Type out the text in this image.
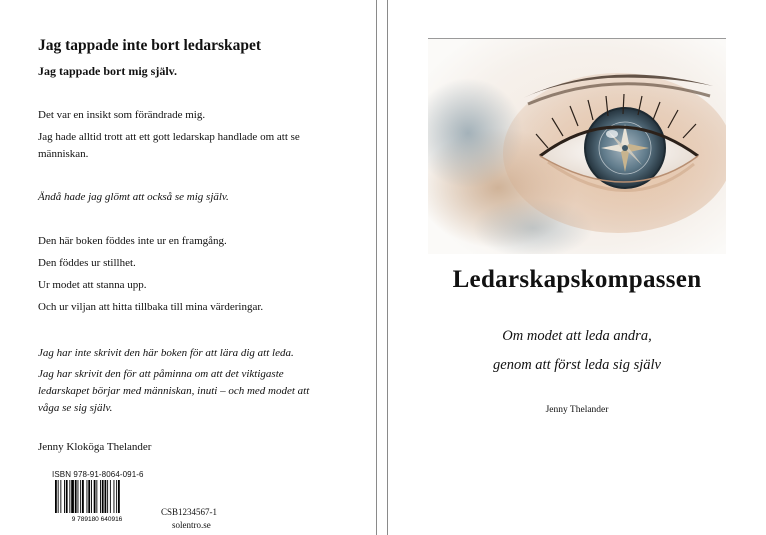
Jag tappade inte bort ledarskapet

Jag tappade bort mig själv.

Det var en insikt som förändrade mig.

Jag hade alltid trott att ett gott ledarskap handlade om att se människan.

Ändå hade jag glömt att också se mig själv.

Den här boken föddes inte ur en framgång.

Den föddes ur stillhet.

Ur modet att stanna upp.

Och ur viljan att hitta tillbaka till mina värderingar.

Jag har inte skrivit den här boken för att lära dig att leda.

Jag har skrivit den för att påminna om att det viktigaste ledarskapet börjar med människan, inuti – och med modet att våga se sig själv.

Jenny Kloköga Thelander

ISBN 978-91-8064-091-6
9 789180 640916
CSB1234567-1
solentro.se
Ledarskapskompassen

Om modet att leda andra,

genom att först leda sig själv

Jenny Thelander
